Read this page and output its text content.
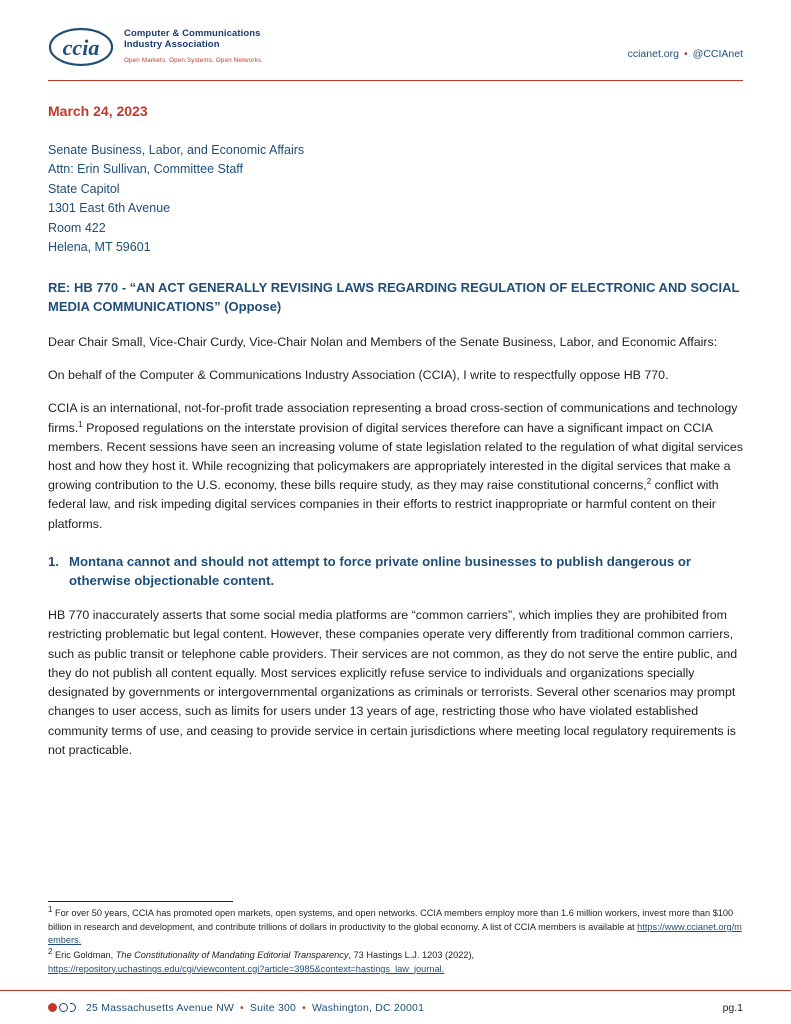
ccia
Computer & Communications
Industry Association
Open Markets. Open Systems. Open Networks.
ccianet.org • @CCIAnet
March 24, 2023
Senate Business, Labor, and Economic Affairs
Attn: Erin Sullivan, Committee Staff
State Capitol
1301 East 6th Avenue
Room 422
Helena, MT 59601
RE: HB 770 - “AN ACT GENERALLY REVISING LAWS REGARDING REGULATION OF ELECTRONIC AND SOCIAL MEDIA COMMUNICATIONS” (Oppose)

Dear Chair Small, Vice-Chair Curdy, Vice-Chair Nolan and Members of the Senate Business, Labor, and Economic Affairs:

On behalf of the Computer & Communications Industry Association (CCIA), I write to respectfully oppose HB 770.

CCIA is an international, not-for-profit trade association representing a broad cross-section of communications and technology firms.$^1$ Proposed regulations on the interstate provision of digital services therefore can have a significant impact on CCIA members. Recent sessions have seen an increasing volume of state legislation related to the regulation of what digital services host and how they host it. While recognizing that policymakers are appropriately interested in the digital services that make a growing contribution to the U.S. economy, these bills require study, as they may raise constitutional concerns,$^2$ conflict with federal law, and risk impeding digital services companies in their efforts to restrict inappropriate or harmful content on their platforms.

1. Montana cannot and should not attempt to force private online businesses to publish dangerous or otherwise objectionable content.

HB 770 inaccurately asserts that some social media platforms are “common carriers”, which implies they are prohibited from restricting problematic but legal content. However, these companies operate very differently from traditional common carriers, such as public transit or telephone cable providers. Their services are not common, as they do not serve the entire public, and they do not publish all content equally. Most services explicitly refuse service to individuals and organizations specially designated by governments or intergovernmental organizations as criminals or terrorists. Several other scenarios may prompt changes to user access, such as limits for users under 13 years of age, restricting those who have violated established community terms of use, and ceasing to provide service in certain jurisdictions where meeting local regulatory requirements is not practicable.

$^1$ For over 50 years, CCIA has promoted open markets, open systems, and open networks. CCIA members employ more than 1.6 million workers, invest more than $100 billion in research and development, and contribute trillions of dollars in productivity to the global economy. A list of CCIA members is available at https://www.ccianet.org/members.

$^2$ Eric Goldman, The Constitutionality of Mandating Editorial Transparency, 73 Hastings L.J. 1203 (2022),
https://repository.uchastings.edu/cgi/viewcontent.cgi?article=3985&context=hastings_law_journal.

25 Massachusetts Avenue NW • Suite 300 • Washington, DC 20001	pg.1
